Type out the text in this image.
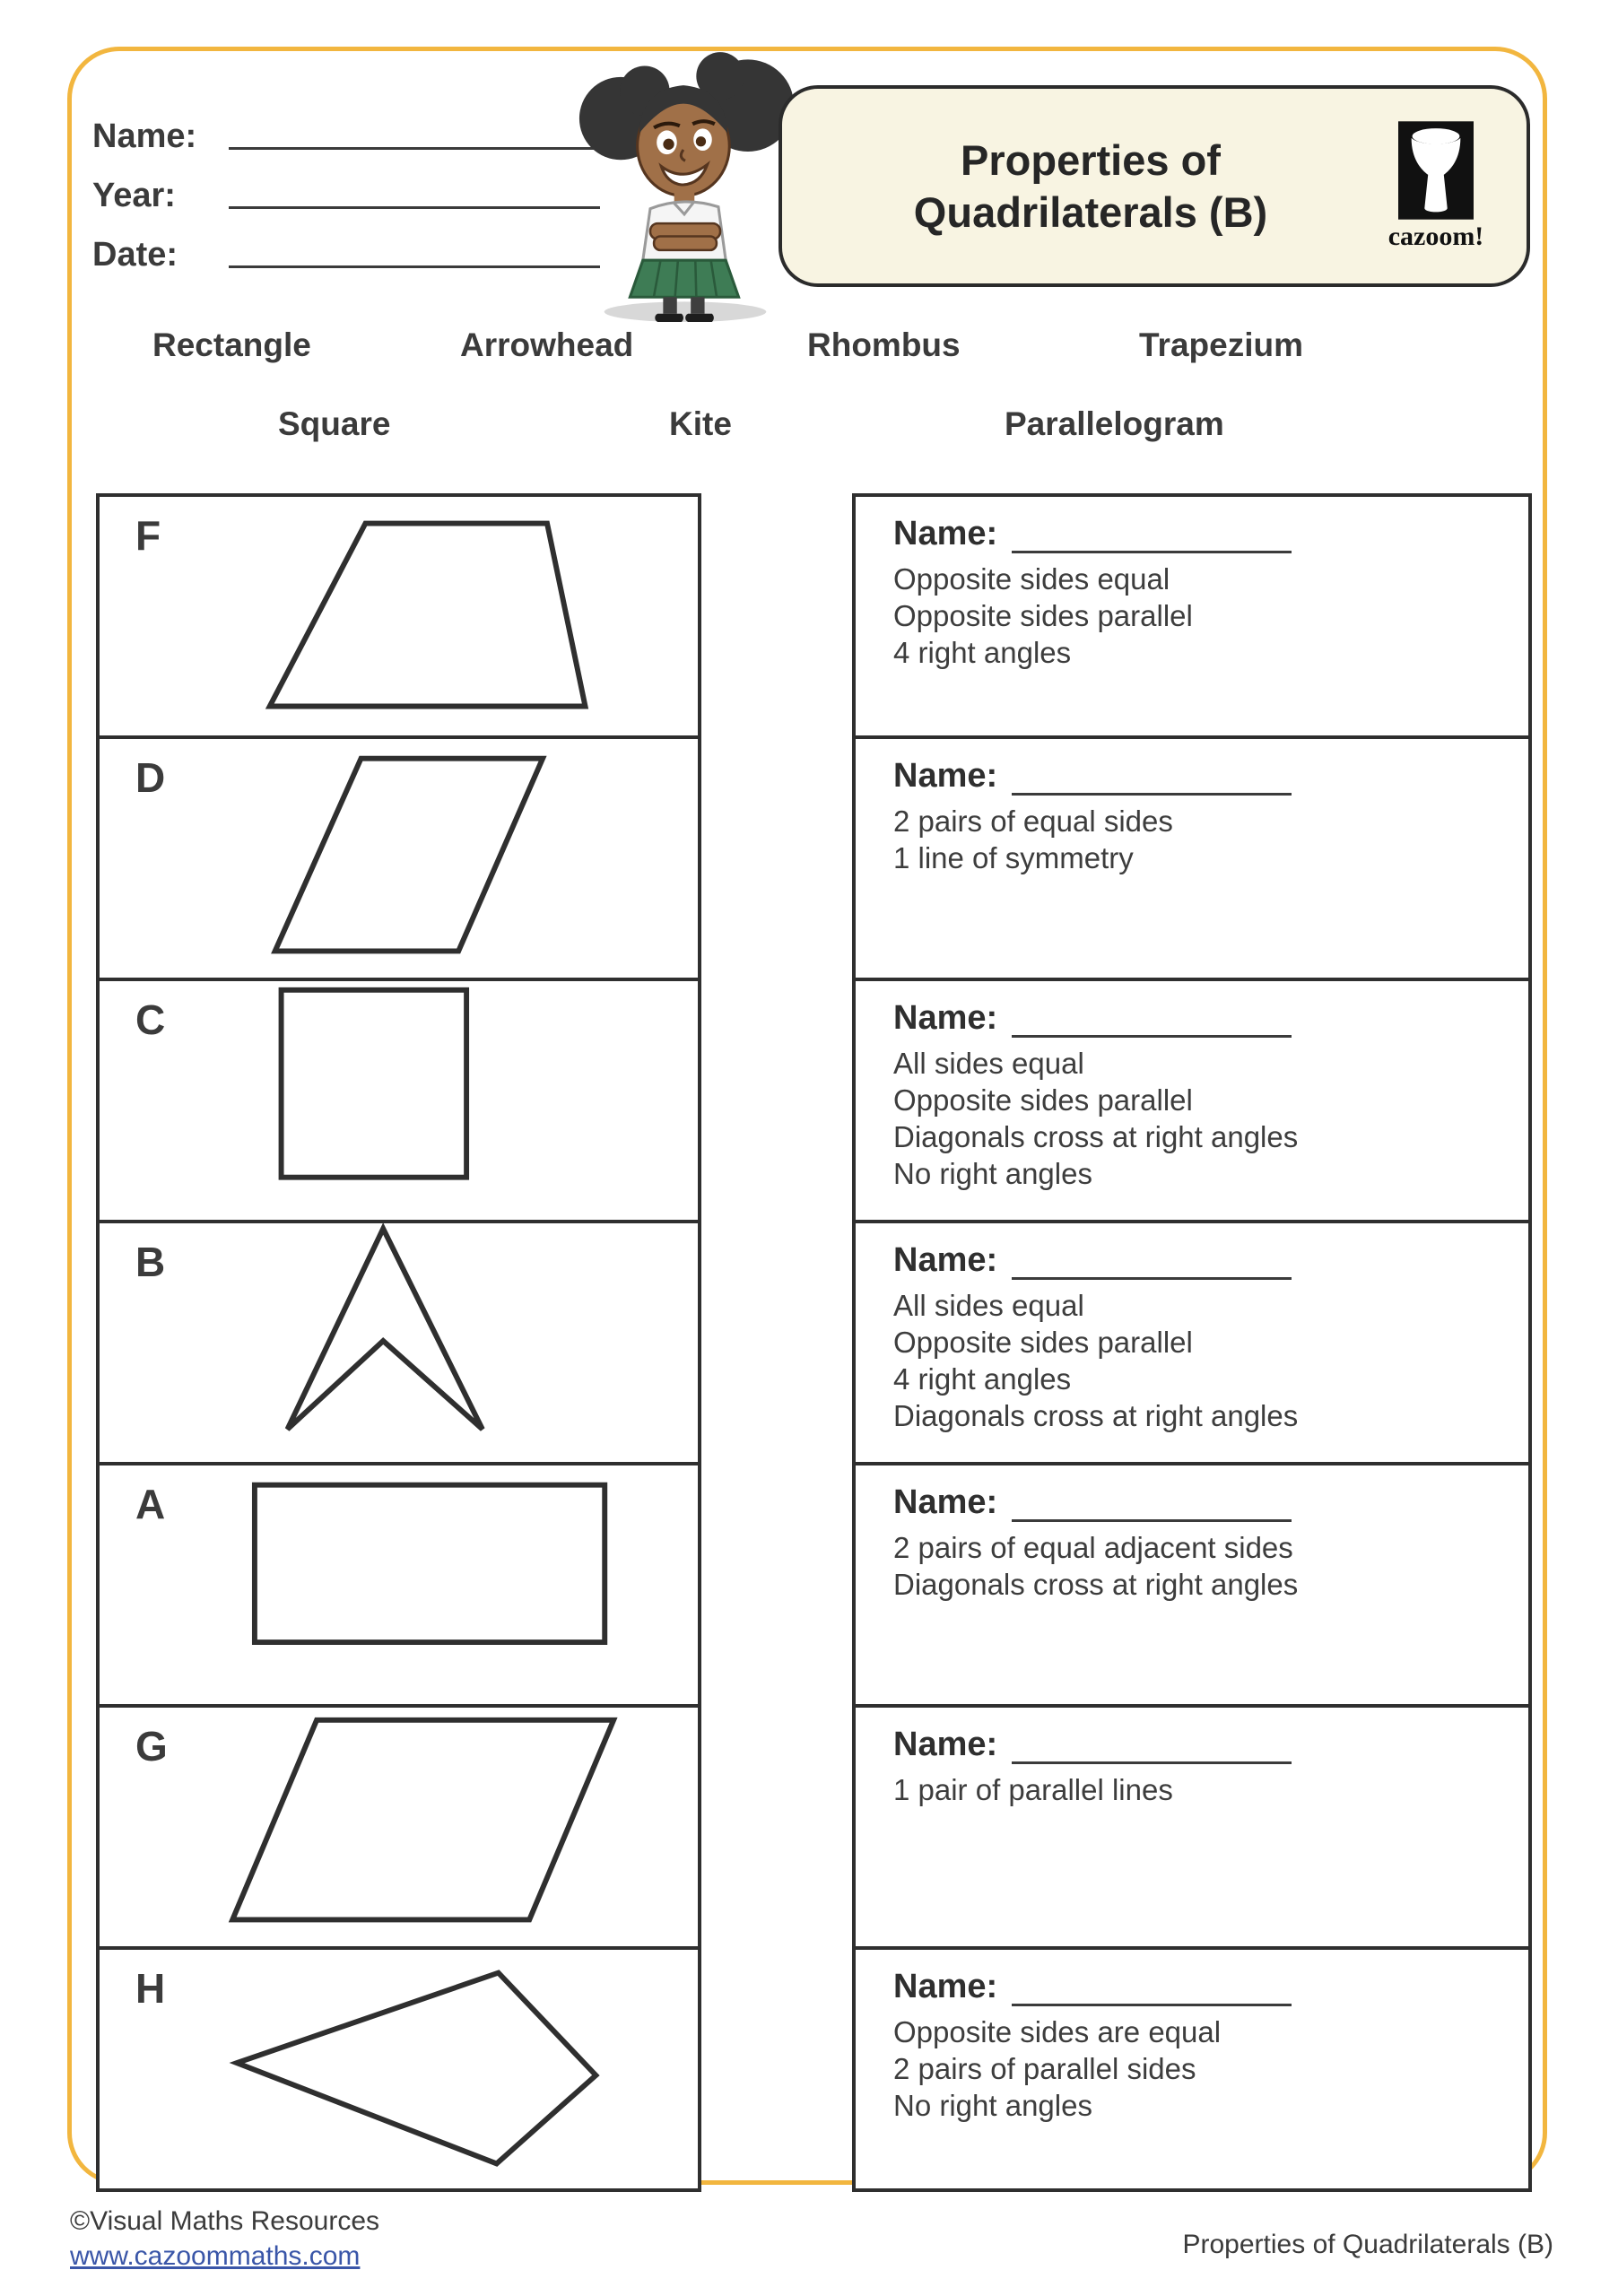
Name:
Year:
Date:
Properties of
Quadrilaterals (B)
cazoom!
Rectangle	Arrowhead	Rhombus	Trapezium
Square	Kite	Parallelogram
F	Name:
Opposite sides equal
Opposite sides parallel
4 right angles
D	Name:
2 pairs of equal sides
1 line of symmetry
C	Name:
All sides equal
Opposite sides parallel
Diagonals cross at right angles
No right angles
B	Name:
All sides equal
Opposite sides parallel
4 right angles
Diagonals cross at right angles
A	Name:
2 pairs of equal adjacent sides
Diagonals cross at right angles
G	Name:
1 pair of parallel lines
H	Name:
Opposite sides are equal
2 pairs of parallel sides
No right angles
©Visual Maths Resources
www.cazoommaths.com	Properties of Quadrilaterals (B)
